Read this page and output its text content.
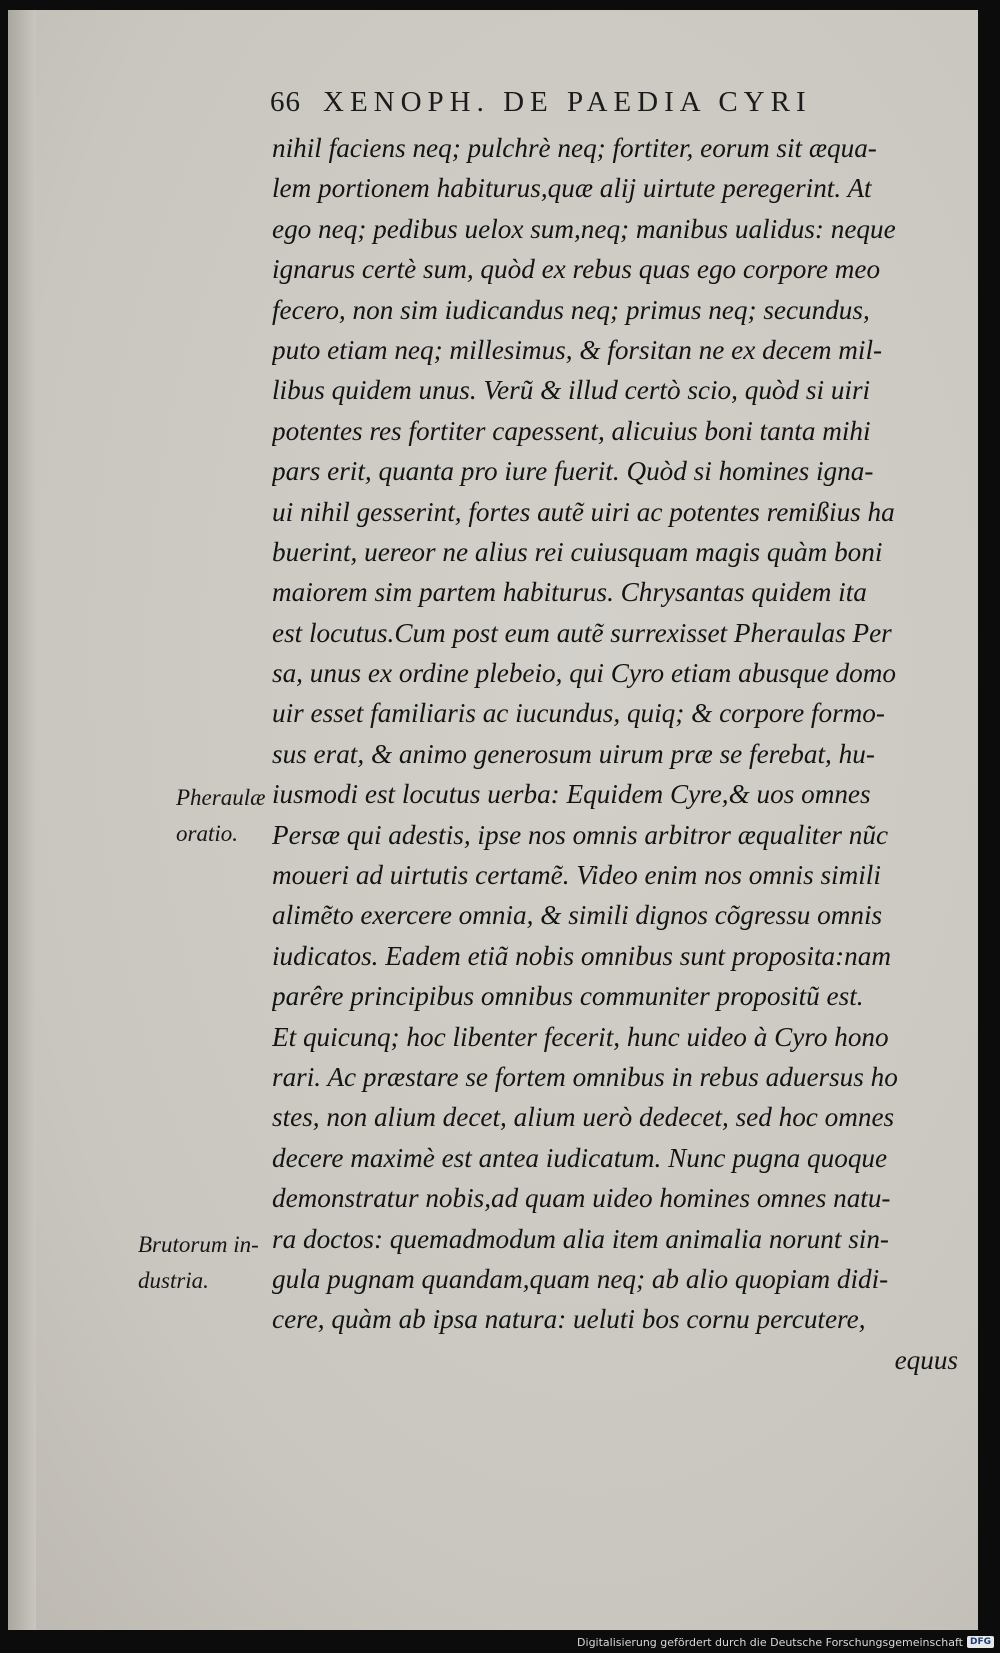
66 XENOPH. DE PAEDIA CYRI
nihil faciens neq; pulchrè neq; fortiter, eorum sit æqua-
lem portionem habiturus,quæ alij uirtute peregerint. At
ego neq; pedibus uelox sum,neq; manibus ualidus: neque
ignarus certè sum, quòd ex rebus quas ego corpore meo
fecero, non sim iudicandus neq; primus neq; secundus,
puto etiam neq; millesimus, & forsitan ne ex decem mil-
libus quidem unus. Verũ & illud certò scio, quòd si uiri
potentes res fortiter capessent, alicuius boni tanta mihi
pars erit, quanta pro iure fuerit. Quòd si homines igna-
ui nihil gesserint, fortes autẽ uiri ac potentes remißius ha
buerint, uereor ne alius rei cuiusquam magis quàm boni
maiorem sim partem habiturus. Chrysantas quidem ita
est locutus.Cum post eum autẽ surrexisset Pheraulas Per
sa, unus ex ordine plebeio, qui Cyro etiam abusque domo
uir esset familiaris ac iucundus, quiq; & corpore formo-
sus erat, & animo generosum uirum præ se ferebat, hu-
iusmodi est locutus uerba: Equidem Cyre,& uos omnes
Persæ qui adestis, ipse nos omnis arbitror æqualiter nũc
moueri ad uirtutis certamẽ. Video enim nos omnis simili
alimẽto exercere omnia, & simili dignos cõgressu omnis
iudicatos. Eadem etiã nobis omnibus sunt proposita:nam
parêre principibus omnibus communiter propositũ est.
Et quicunq; hoc libenter fecerit, hunc uideo à Cyro hono
rari. Ac præstare se fortem omnibus in rebus aduersus ho
stes, non alium decet, alium uerò dedecet, sed hoc omnes
decere maximè est antea iudicatum. Nunc pugna quoque
demonstratur nobis,ad quam uideo homines omnes natu-
ra doctos: quemadmodum alia item animalia norunt sin-
gula pugnam quandam,quam neq; ab alio quopiam didi-
cere, quàm ab ipsa natura: ueluti bos cornu percutere,
equus
Pheraulæ
oratio.
Brutorum in-
dustria.
Digitalisierung gefördert durch die Deutsche Forschungsgemeinschaft DFG
